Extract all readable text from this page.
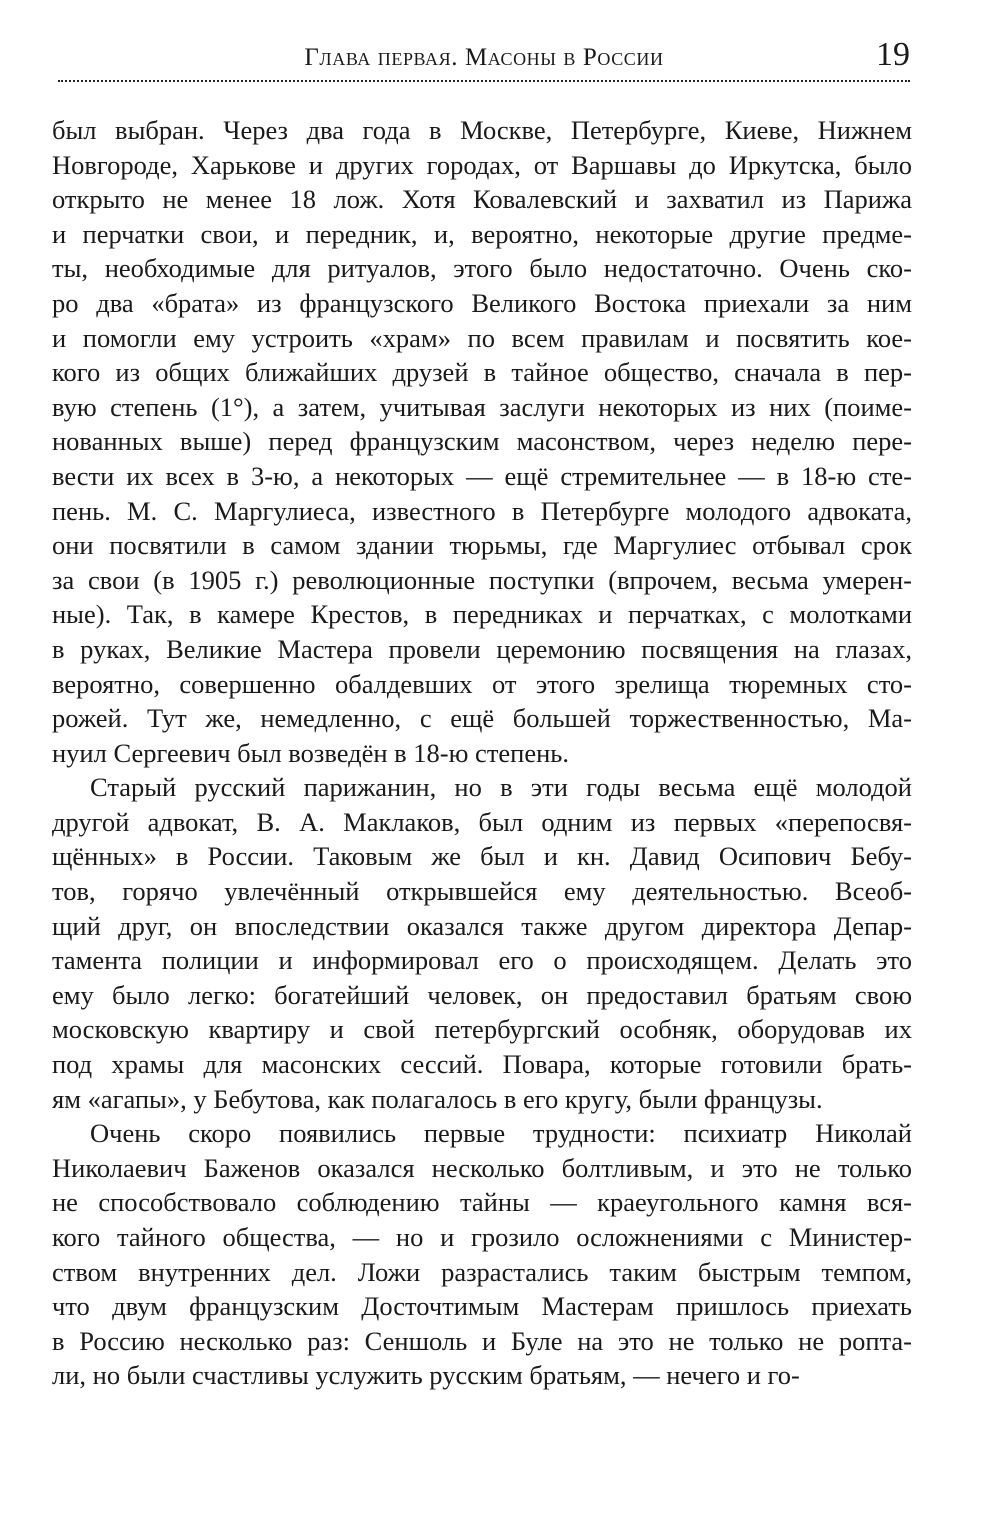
Глава первая. Масоны в России	19

был выбран. Через два года в Москве, Петербурге, Киеве, Нижнем
Новгороде, Харькове и других городах, от Варшавы до Иркутска, было
открыто не менее 18 лож. Хотя Ковалевский и захватил из Парижа
и перчатки свои, и передник, и, вероятно, некоторые другие предме-
ты, необходимые для ритуалов, этого было недостаточно. Очень ско-
ро два «брата» из французского Великого Востока приехали за ним
и помогли ему устроить «храм» по всем правилам и посвятить кое-
кого из общих ближайших друзей в тайное общество, сначала в пер-
вую степень (1°), а затем, учитывая заслуги некоторых из них (поиме-
нованных выше) перед французским масонством, через неделю пере-
вести их всех в 3-ю, а некоторых — ещё стремительнее — в 18-ю сте-
пень. М. С. Маргулиеса, известного в Петербурге молодого адвоката,
они посвятили в самом здании тюрьмы, где Маргулиес отбывал срок
за свои (в 1905 г.) революционные поступки (впрочем, весьма умерен-
ные). Так, в камере Крестов, в передниках и перчатках, с молотками
в руках, Великие Мастера провели церемонию посвящения на глазах,
вероятно, совершенно обалдевших от этого зрелища тюремных сто-
рожей. Тут же, немедленно, с ещё большей торжественностью, Ма-
нуил Сергеевич был возведён в 18-ю степень.

Старый русский парижанин, но в эти годы весьма ещё молодой
другой адвокат, В. А. Маклаков, был одним из первых «перепосвя-
щённых» в России. Таковым же был и кн. Давид Осипович Бебу-
тов, горячо увлечённый открывшейся ему деятельностью. Всеоб-
щий друг, он впоследствии оказался также другом директора Депар-
тамента полиции и информировал его о происходящем. Делать это
ему было легко: богатейший человек, он предоставил братьям свою
московскую квартиру и свой петербургский особняк, оборудовав их
под храмы для масонских сессий. Повара, которые готовили брать-
ям «агапы», у Бебутова, как полагалось в его кругу, были французы.

Очень скоро появились первые трудности: психиатр Николай
Николаевич Баженов оказался несколько болтливым, и это не только
не способствовало соблюдению тайны — краеугольного камня вся-
кого тайного общества, — но и грозило осложнениями с Министер-
ством внутренних дел. Ложи разрастались таким быстрым темпом,
что двум французским Досточтимым Мастерам пришлось приехать
в Россию несколько раз: Сеншоль и Буле на это не только не ропта-
ли, но были счастливы услужить русским братьям, — нечего и го-
